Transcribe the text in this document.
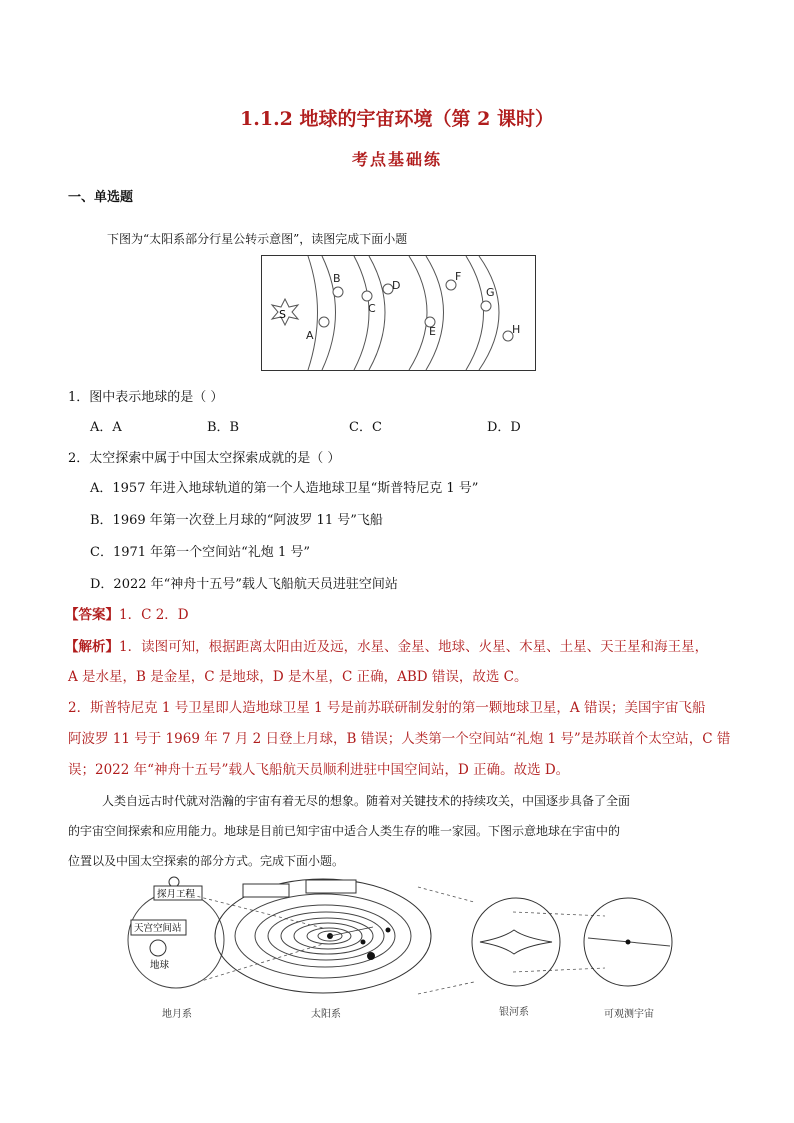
1.1.2 地球的宇宙环境（第 2 课时）
考点基础练
一、单选题
下图为“太阳系部分行星公转示意图”，读图完成下面小题
S
A
B
C
D
E
F
G
H
1．图中表示地球的是（ ）
A．A	B．B	C．C	D．D
2．太空探索中属于中国太空探索成就的是（ ）
A．1957 年进入地球轨道的第一个人造地球卫星“斯普特尼克 1 号”
B．1969 年第一次登上月球的“阿波罗 11 号”飞船
C．1971 年第一个空间站“礼炮 1 号”
D．2022 年“神舟十五号”载人飞船航天员进驻空间站
【答案】1．C 2．D
【解析】1．读图可知，根据距离太阳由近及远，水星、金星、地球、火星、木星、土星、天王星和海王星，
A 是水星，B 是金星，C 是地球，D 是木星，C 正确，ABD 错误，故选 C。
2．斯普特尼克 1 号卫星即人造地球卫星 1 号是前苏联研制发射的第一颗地球卫星，A 错误；美国宇宙飞船
阿波罗 11 号于 1969 年 7 月 2 日登上月球，B 错误；人类第一个空间站“礼炮 1 号”是苏联首个太空站，C 错
误；2022 年“神舟十五号”载人飞船航天员顺利进驻中国空间站，D 正确。故选 D。
人类自远古时代就对浩瀚的宇宙有着无尽的想象。随着对关键技术的持续攻关，中国逐步具备了全面
的宇宙空间探索和应用能力。地球是目前已知宇宙中适合人类生存的唯一家园。下图示意地球在宇宙中的
位置以及中国太空探索的部分方式。完成下面小题。
天宫空间站
地球
探月工程
地月系	太阳系	银河系	可观测宇宙
